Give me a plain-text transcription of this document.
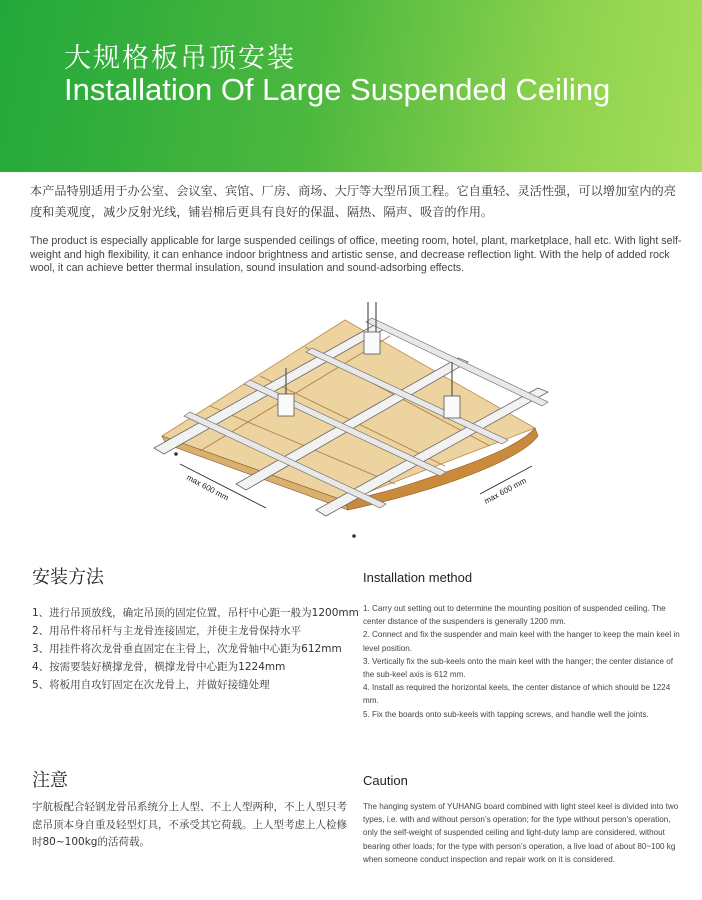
大规格板吊顶安装
Installation Of Large Suspended Ceiling
本产品特别适用于办公室、会议室、宾馆、厂房、商场、大厅等大型吊顶工程。它自重轻、灵活性强，可以增加室内的亮度和美观度，减少反射光线，铺岩棉后更具有良好的保温、隔热、隔声、吸音的作用。
The product is especially applicable for large suspended ceilings of office, meeting room, hotel, plant, marketplace, hall etc. With light self-weight and high flexibility, it can enhance indoor brightness and artistic sense, and decrease reflection light. With the help of added rock wool, it can achieve better thermal insulation, sound insulation and sound-adsorbing effects.
max 600 mm	max 600 mm
安装方法	Installation method
1、进行吊顶放线，确定吊顶的固定位置，吊杆中心距一般为1200mm
2、用吊件将吊杆与主龙骨连接固定，并使主龙骨保持水平
3、用挂件将次龙骨垂直固定在主骨上，次龙骨轴中心距为612mm
4、按需要装好横撑龙骨，横撑龙骨中心距为1224mm
5、将板用自攻钉固定在次龙骨上，并做好接缝处理
1. Carry out setting out to determine the mounting position of suspended ceiling. The center distance of the suspenders is generally 1200 mm.
2. Connect and fix the suspender and main keel with the hanger to keep the main keel in level position.
3. Vertically fix the sub-keels onto the main keel with the hanger; the center distance of the sub-keel axis is 612 mm.
4. Install as required the horizontal keels, the center distance of which should be 1224 mm.
5. Fix the boards onto sub-keels with tapping screws, and handle well the joints.
注意	Caution
宇航板配合轻钢龙骨吊系统分上人型、不上人型两种，不上人型只考虑吊顶本身自重及轻型灯具，不承受其它荷载。上人型考虑上人检修时80~100kg的活荷载。
The hanging system of YUHANG board combined with light steel keel is divided into two types, i.e. with and without person’s operation; for the type without person’s operation, only the self-weight of suspended ceiling and light-duty lamp are considered, without bearing other loads; for the type with person’s operation, a live load of about 80~100 kg when someone conduct inspection and repair work on it is considered.
